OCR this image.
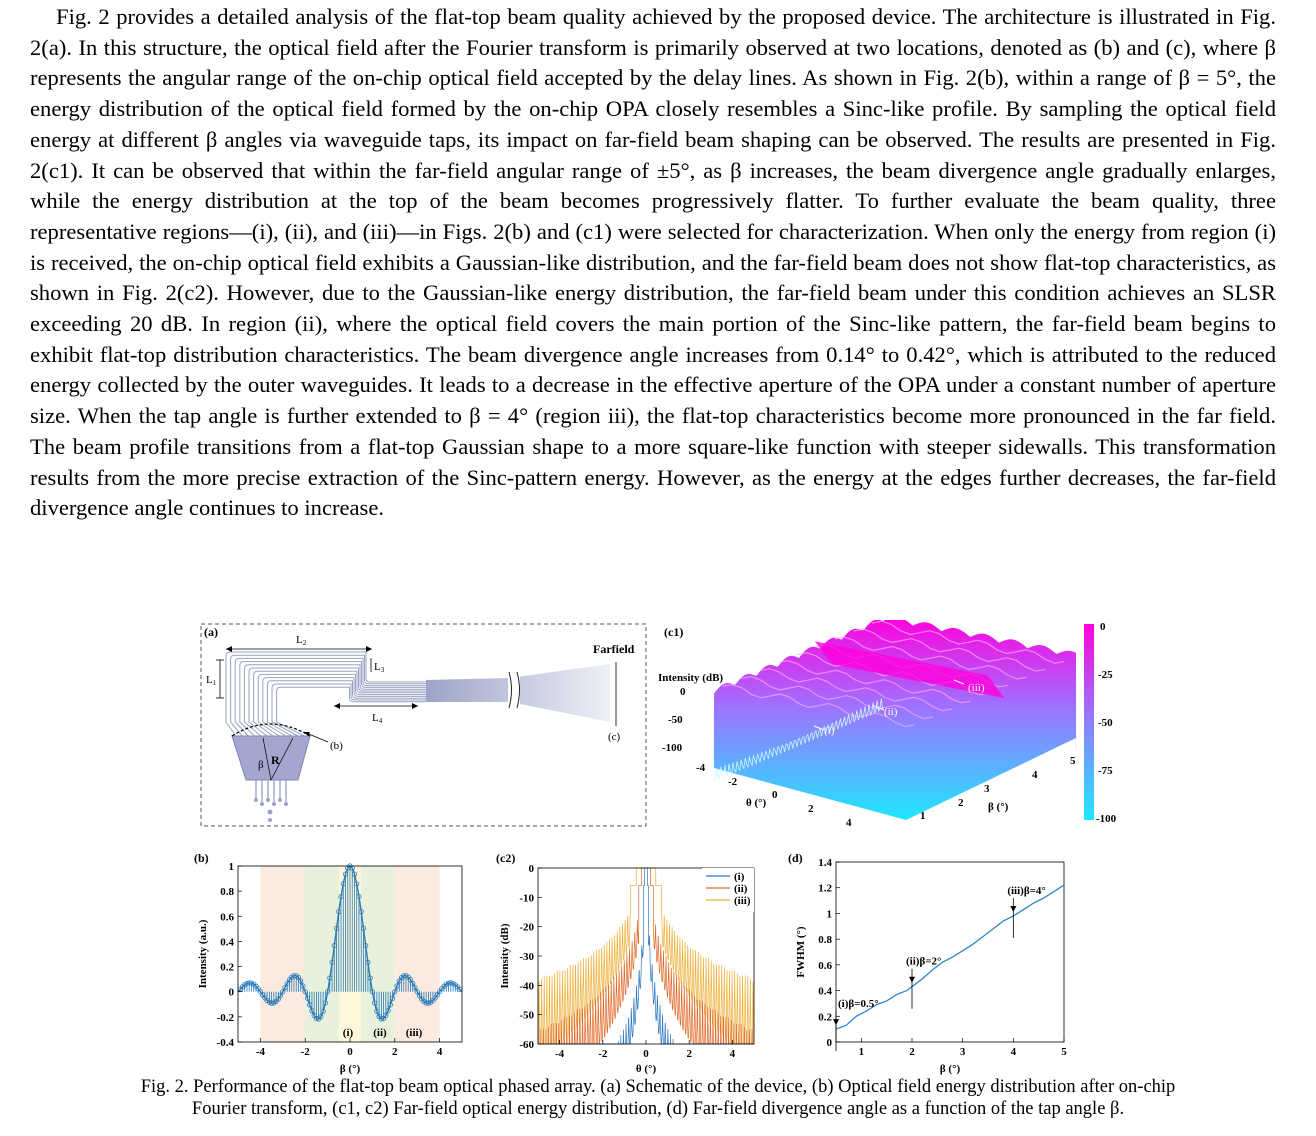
Fig. 2 provides a detailed analysis of the flat-top beam quality achieved by the proposed device. The architecture is illustrated in Fig. 2(a). In this structure, the optical field after the Fourier transform is primarily observed at two locations, denoted as (b) and (c), where β represents the angular range of the on-chip optical field accepted by the delay lines. As shown in Fig. 2(b), within a range of β = 5°, the energy distribution of the optical field formed by the on-chip OPA closely resembles a Sinc-like profile. By sampling the optical field energy at different β angles via waveguide taps, its impact on far-field beam shaping can be observed. The results are presented in Fig. 2(c1). It can be observed that within the far-field angular range of ±5°, as β increases, the beam divergence angle gradually enlarges, while the energy distribution at the top of the beam becomes progressively flatter. To further evaluate the beam quality, three representative regions—(i), (ii), and (iii)—in Figs. 2(b) and (c1) were selected for characterization. When only the energy from region (i) is received, the on-chip optical field exhibits a Gaussian-like distribution, and the far-field beam does not show flat-top characteristics, as shown in Fig. 2(c2). However, due to the Gaussian-like energy distribution, the far-field beam under this condition achieves an SLSR exceeding 20 dB. In region (ii), where the optical field covers the main portion of the Sinc-like pattern, the far-field beam begins to exhibit flat-top distribution characteristics. The beam divergence angle increases from 0.14° to 0.42°, which is attributed to the reduced energy collected by the outer waveguides. It leads to a decrease in the effective aperture of the OPA under a constant number of aperture size. When the tap angle is further extended to β = 4° (region iii), the flat-top characteristics become more pronounced in the far field. The beam profile transitions from a flat-top Gaussian shape to a more square-like function with steeper sidewalls. This transformation results from the more precise extraction of the Sinc-pattern energy. However, as the energy at the edges further decreases, the far-field divergence angle continues to increase.

(a)
L1
L2
L3
L4
Farfield
(c)
β R
(b)
(c1)
Intensity (dB)
0
-50
-100
(i)
(ii)
(iii)
-4
-2
0
2
4
θ (°)
1
2
3
4
5
β (°)
0
-25
-50
-75
-100
-4	-2	0	2	4
-0.4
-0.2
0
0.2
0.4
0.6
0.8
1
(i) (ii) (iii)
(b)
β (°)
Intensity (a.u.)
-4	-2	0	2	4
-60
-50
-40
-30
-20
-10
0
(i)
(ii)
(iii)
(c2)
θ (°)
Intensity (dB)
1	2	3	4	5
0
0.2
0.4
0.6
0.8
1
1.2
1.4
(i)β=0.5°
(ii)β=2°
(iii)β=4°
(d)
β (°)
FWHM (°)
Fig. 2. Performance of the flat-top beam optical phased array. (a) Schematic of the device, (b) Optical field energy distribution after on-chip
Fourier transform, (c1, c2) Far-field optical energy distribution, (d) Far-field divergence angle as a function of the tap angle β.
